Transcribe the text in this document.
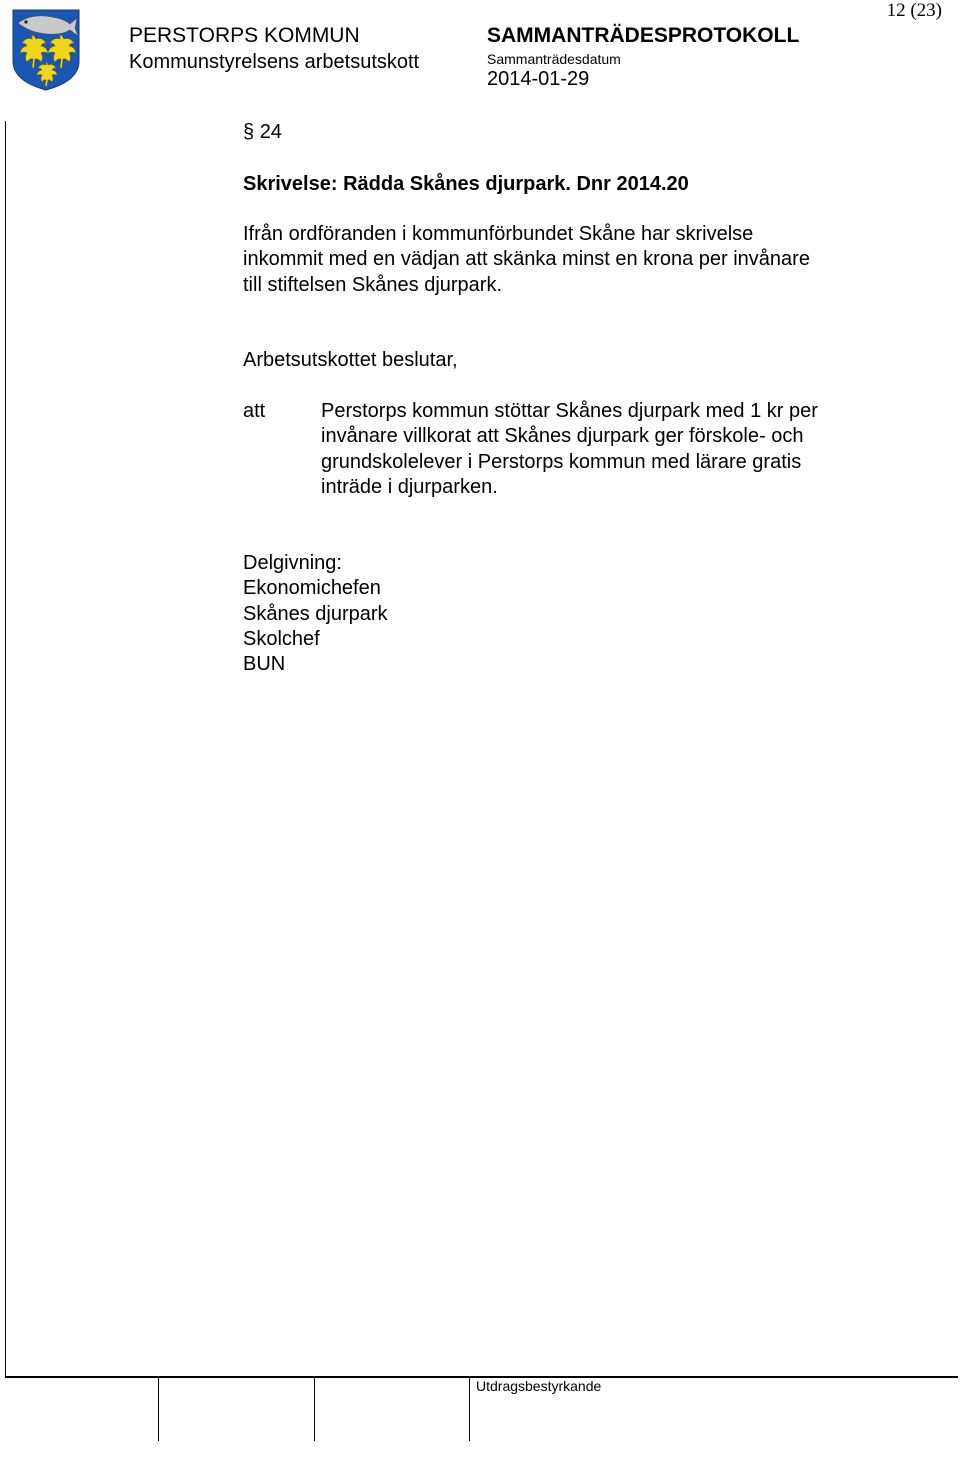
12 (23)
PERSTORPS KOMMUN
Kommunstyrelsens arbetsutskott
SAMMANTRÄDESPROTOKOLL
Sammanträdesdatum
2014-01-29
§ 24
Skrivelse: Rädda Skånes djurpark. Dnr 2014.20
Ifrån ordföranden i kommunförbundet Skåne har skrivelse
inkommit med en vädjan att skänka minst en krona per invånare
till stiftelsen Skånes djurpark.
Arbetsutskottet beslutar,
att	Perstorps kommun stöttar Skånes djurpark med 1 kr per
invånare villkorat att Skånes djurpark ger förskole- och
grundskolelever i Perstorps kommun med lärare gratis
inträde i djurparken.
Delgivning:
Ekonomichefen
Skånes djurpark
Skolchef
BUN
Utdragsbestyrkande
